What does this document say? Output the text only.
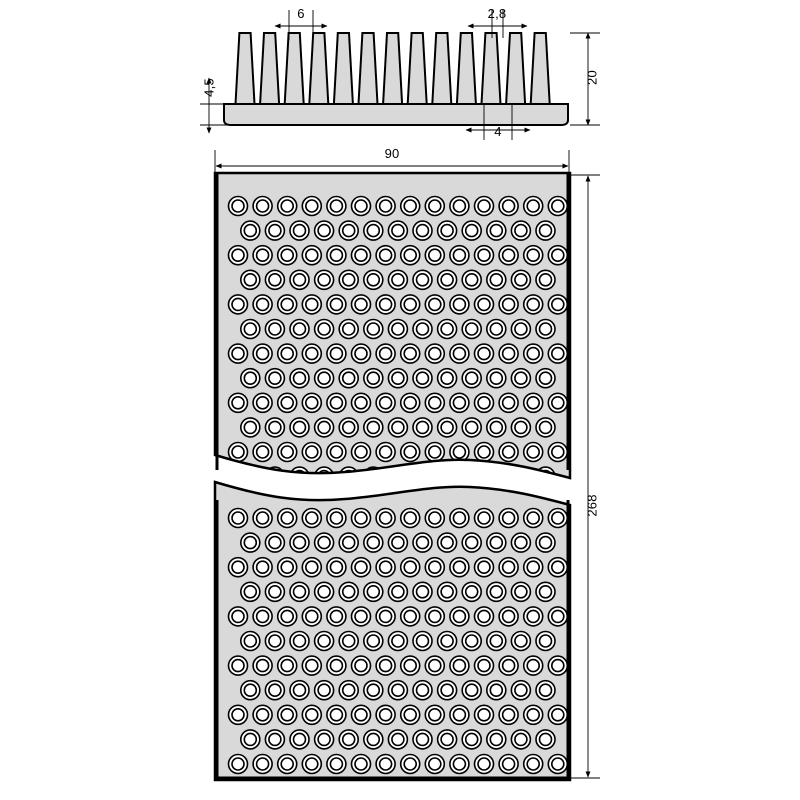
6	2,8
4,5
20
4
90
268
